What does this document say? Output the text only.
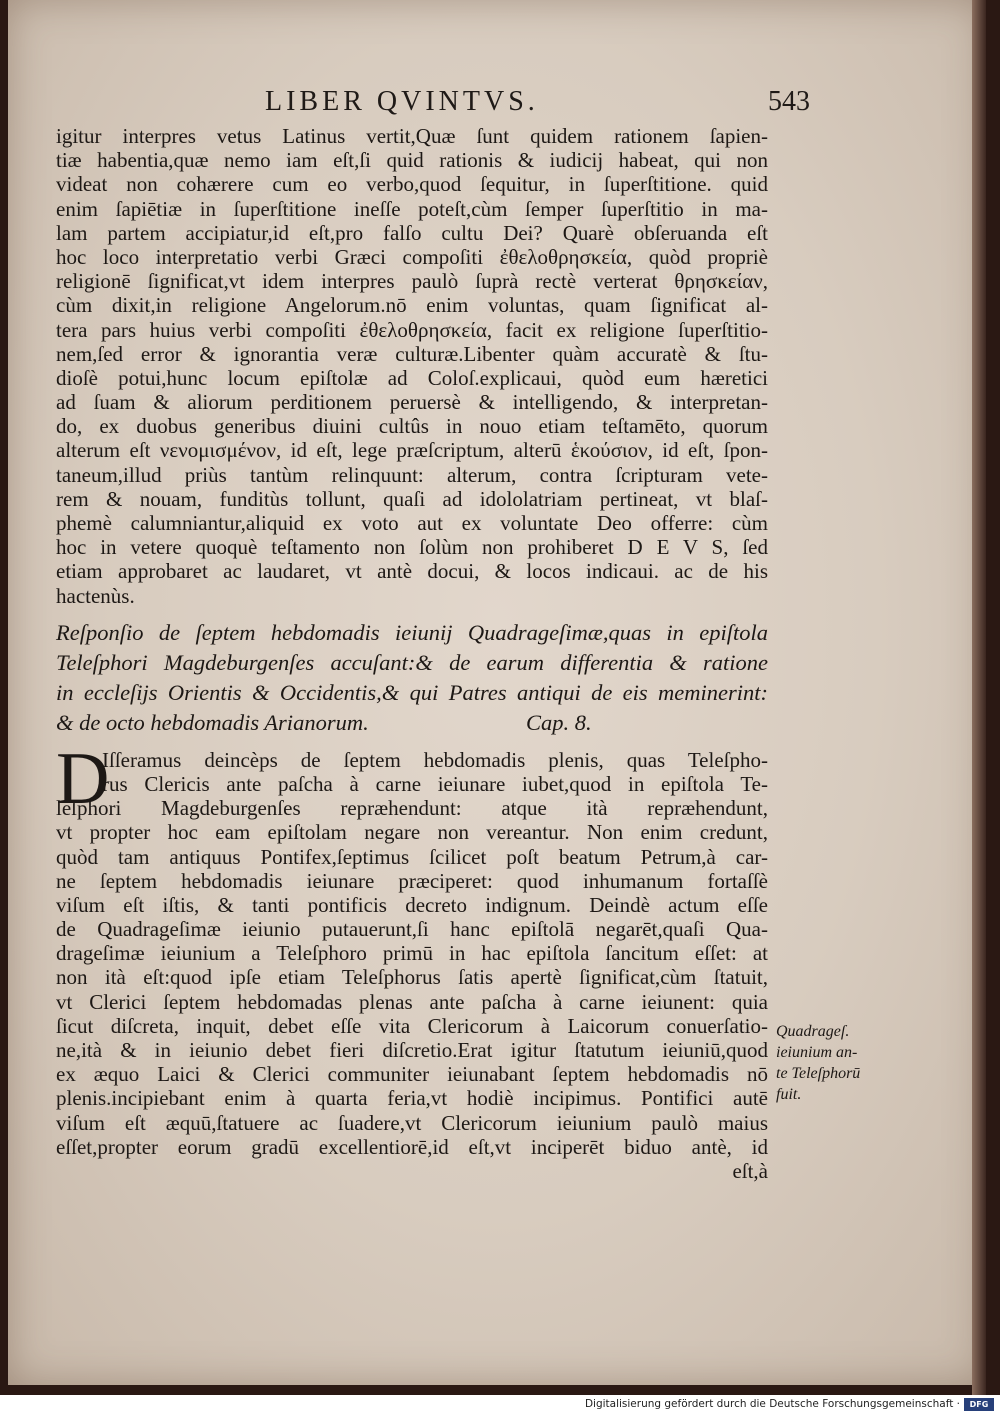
LIBER QVINTVS.	543
igitur interpres vetus Latinus vertit,Quæ ſunt quidem rationem ſapien-
tiæ habentia,quæ nemo iam eſt,ſi quid rationis & iudicij habeat, qui non
videat non cohærere cum eo verbo,quod ſequitur, in ſuperſtitione. quid
enim ſapiētiæ in ſuperſtitione ineſſe poteſt,cùm ſemper ſuperſtitio in ma-
lam partem accipiatur,id eſt,pro falſo cultu Dei? Quarè obſeruanda eſt
hoc loco interpretatio verbi Græci compoſiti ἐθελοθρησκεία, quòd propriè
religionē ſignificat,vt idem interpres paulò ſuprà rectè verterat θρησκείαν,
cùm dixit,in religione Angelorum.nō enim voluntas, quam ſignificat al-
tera pars huius verbi compoſiti ἐθελοθρησκεία, facit ex religione ſuperſtitio-
nem,ſed error & ignorantia veræ culturæ.Libenter quàm accuratè & ſtu-
dioſè potui,hunc locum epiſtolæ ad Coloſ.explicaui, quòd eum hæretici
ad ſuam & aliorum perditionem peruersè & intelligendo, & interpretan-
do, ex duobus generibus diuini cultûs in nouo etiam teſtamēto, quorum
alterum eſt νενομισμένον, id eſt, lege præſcriptum, alterū ἑκούσιον, id eſt, ſpon-
taneum,illud priùs tantùm relinquunt: alterum, contra ſcripturam vete-
rem & nouam, funditùs tollunt, quaſi ad idololatriam pertineat, vt blaſ-
phemè calumniantur,aliquid ex voto aut ex voluntate Deo offerre: cùm
hoc in vetere quoquè teſtamento non ſolùm non prohiberet D E V S, ſed
etiam approbaret ac laudaret, vt antè docui, & locos indicaui. ac de his
hactenùs.
Reſponſio de ſeptem hebdomadis ieiunij Quadrageſimæ,quas in epiſtola
Teleſphori Magdeburgenſes accuſant:& de earum differentia & ratione
in eccleſijs Orientis & Occidentis,& qui Patres antiqui de eis meminerint:
& de octo hebdomadis Arianorum.	Cap. 8.
D
Iſſeramus deincèps de ſeptem hebdomadis plenis, quas Teleſpho-
rus Clericis ante paſcha à carne ieiunare iubet,quod in epiſtola Te-
leſphori Magdeburgenſes repræhendunt: atque ità repræhendunt,
vt propter hoc eam epiſtolam negare non vereantur. Non enim credunt,
quòd tam antiquus Pontifex,ſeptimus ſcilicet poſt beatum Petrum,à car-
ne ſeptem hebdomadis ieiunare præciperet: quod inhumanum fortaſſè
viſum eſt iſtis, & tanti pontificis decreto indignum. Deindè actum eſſe
de Quadrageſimæ ieiunio putauerunt,ſi hanc epiſtolā negarēt,quaſi Qua-
drageſimæ ieiunium a Teleſphoro primū in hac epiſtola ſancitum eſſet: at
non ità eſt:quod ipſe etiam Teleſphorus ſatis apertè ſignificat,cùm ſtatuit,
vt Clerici ſeptem hebdomadas plenas ante paſcha à carne ieiunent: quia
ſicut diſcreta, inquit, debet eſſe vita Clericorum à Laicorum conuerſatio-
ne,ità & in ieiunio debet fieri diſcretio.Erat igitur ſtatutum ieiuniū,quod
ex æquo Laici & Clerici communiter ieiunabant ſeptem hebdomadis nō
plenis.incipiebant enim à quarta feria,vt hodiè incipimus. Pontifici autē
viſum eſt æquū,ſtatuere ac ſuadere,vt Clericorum ieiunium paulò maius
eſſet,propter eorum gradū excellentiorē,id eſt,vt inciperēt biduo antè, id
eſt,à
Quadrageſ.
ieiunium an-
te Teleſphorū
fuit.
Digitalisierung gefördert durch die Deutsche Forschungsgemeinschaft ·	DFG
